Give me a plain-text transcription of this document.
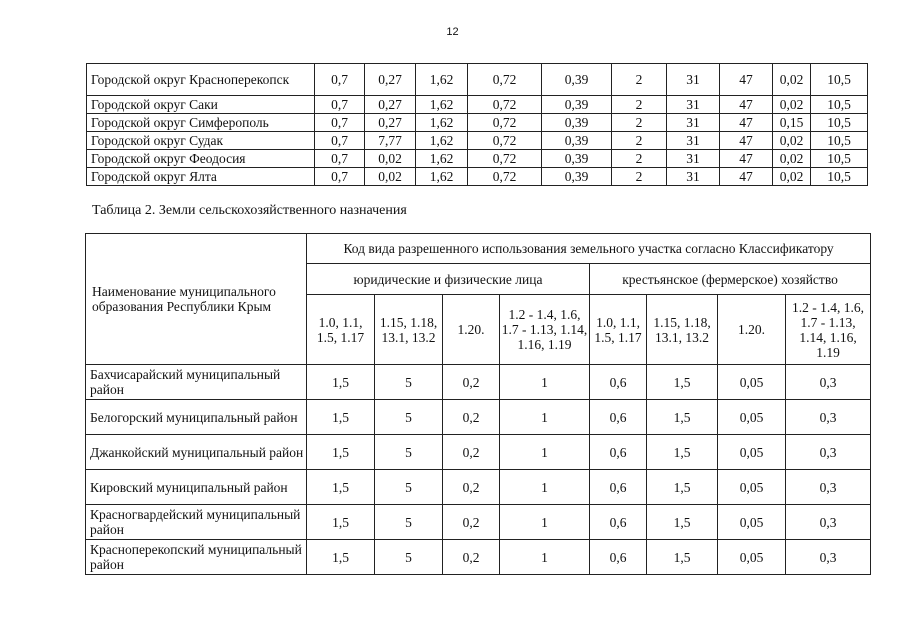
12
Городской округ Красноперекопск	0,7	0,27	1,62	0,72	0,39	2	31	47	0,02	10,5
Городской округ Саки	0,7	0,27	1,62	0,72	0,39	2	31	47	0,02	10,5
Городской округ Симферополь	0,7	0,27	1,62	0,72	0,39	2	31	47	0,15	10,5
Городской округ Судак	0,7	7,77	1,62	0,72	0,39	2	31	47	0,02	10,5
Городской округ Феодосия	0,7	0,02	1,62	0,72	0,39	2	31	47	0,02	10,5
Городской округ Ялта	0,7	0,02	1,62	0,72	0,39	2	31	47	0,02	10,5
Таблица 2. Земли сельскохозяйственного назначения
Наименование муниципального образования Республики Крым	Код вида разрешенного использования земельного участка согласно Классификатору							
	юридические и физические лица				крестьянское (фермерское) хозяйство			
	1.0, 1.1, 1.5, 1.17	1.15, 1.18, 13.1, 13.2	1.20.	1.2 - 1.4, 1.6, 1.7 - 1.13, 1.14, 1.16, 1.19	1.0, 1.1, 1.5, 1.17	1.15, 1.18, 13.1, 13.2	1.20.	1.2 - 1.4, 1.6, 1.7 - 1.13, 1.14, 1.16, 1.19
Бахчисарайский муниципальный район	1,5	5	0,2	1	0,6	1,5	0,05	0,3
Белогорский муниципальный район	1,5	5	0,2	1	0,6	1,5	0,05	0,3
Джанкойский муниципальный район	1,5	5	0,2	1	0,6	1,5	0,05	0,3
Кировский муниципальный район	1,5	5	0,2	1	0,6	1,5	0,05	0,3
Красногвардейский муниципальный район	1,5	5	0,2	1	0,6	1,5	0,05	0,3
Красноперекопский муниципальный район	1,5	5	0,2	1	0,6	1,5	0,05	0,3
